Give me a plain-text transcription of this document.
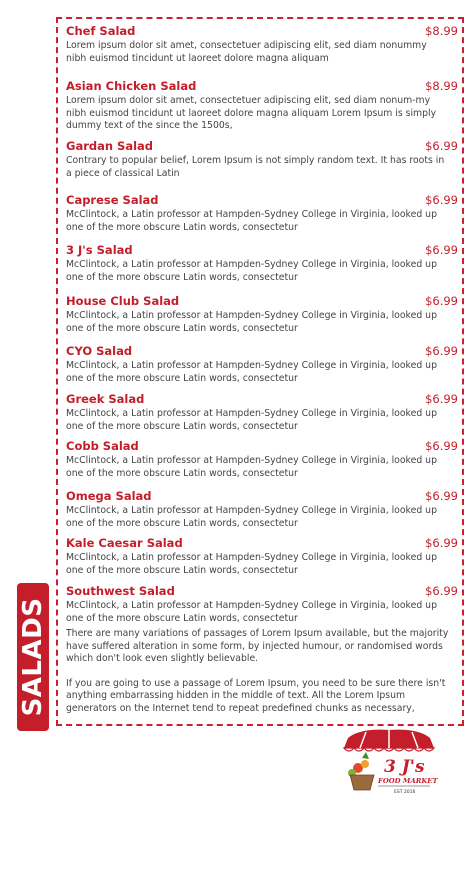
Chef Salad	$8.99
Lorem ipsum dolor sit amet, consectetuer adipiscing elit, sed diam nonummy nibh euismod tincidunt ut laoreet dolore magna aliquam
Asian Chicken Salad	$8.99
Lorem ipsum dolor sit amet, consectetuer adipiscing elit, sed diam nonum-my nibh euismod tincidunt ut laoreet dolore magna aliquam Lorem Ipsum is simply dummy text of the since the 1500s,
Gardan Salad	$6.99
Contrary to popular belief, Lorem Ipsum is not simply random text. It has roots in a piece of classical Latin
Caprese Salad	$6.99
McClintock, a Latin professor at Hampden-Sydney College in Virginia, looked up one of the more obscure Latin words, consectetur
3 J's Salad	$6.99
McClintock, a Latin professor at Hampden-Sydney College in Virginia, looked up one of the more obscure Latin words, consectetur
House Club Salad	$6.99
McClintock, a Latin professor at Hampden-Sydney College in Virginia, looked up one of the more obscure Latin words, consectetur
CYO Salad	$6.99
McClintock, a Latin professor at Hampden-Sydney College in Virginia, looked up one of the more obscure Latin words, consectetur
Greek Salad	$6.99
McClintock, a Latin professor at Hampden-Sydney College in Virginia, looked up one of the more obscure Latin words, consectetur
Cobb Salad	$6.99
McClintock, a Latin professor at Hampden-Sydney College in Virginia, looked up one of the more obscure Latin words, consectetur
Omega Salad	$6.99
McClintock, a Latin professor at Hampden-Sydney College in Virginia, looked up one of the more obscure Latin words, consectetur
Kale Caesar Salad	$6.99
McClintock, a Latin professor at Hampden-Sydney College in Virginia, looked up one of the more obscure Latin words, consectetur
Southwest Salad	$6.99
McClintock, a Latin professor at Hampden-Sydney College in Virginia, looked up one of the more obscure Latin words, consectetur

There are many variations of passages of Lorem Ipsum available, but the majority have suffered alteration in some form, by injected humour, or randomised words which don't look even slightly believable.

If you are going to use a passage of Lorem Ipsum, you need to be sure there isn't anything embarrassing hidden in the middle of text. All the Lorem Ipsum generators on the Internet tend to repeat predefined chunks as necessary,

SALADS
3 J's
FOOD MARKET
EST 2016
